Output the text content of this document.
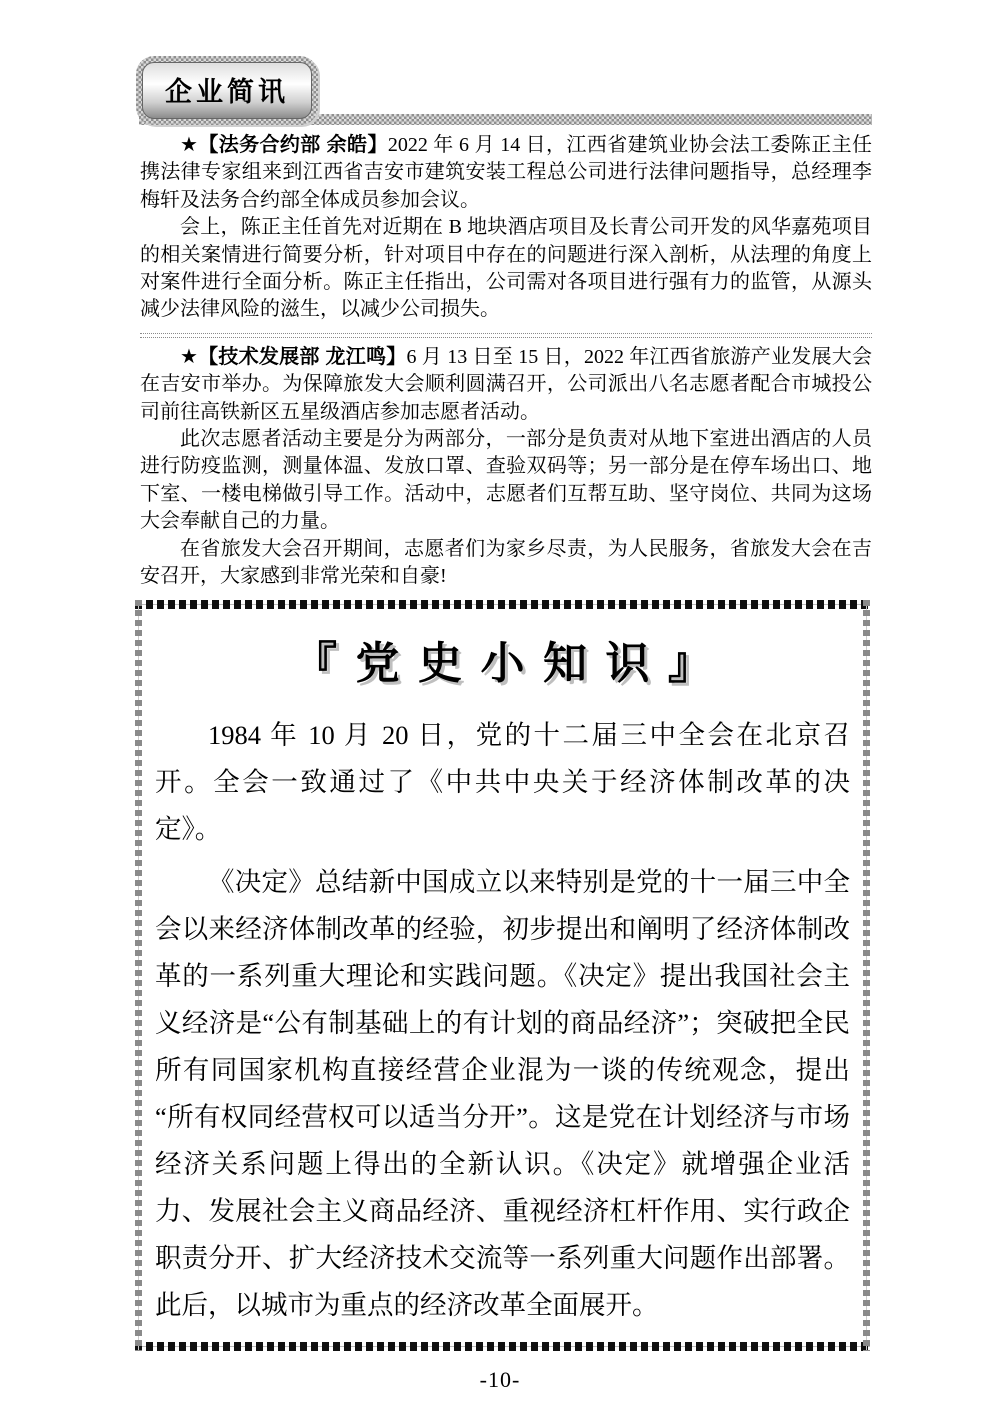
企业简讯

★【法务合约部 余皓】2022 年 6 月 14 日，江西省建筑业协会法工委陈正主任携法律专家组来到江西省吉安市建筑安装工程总公司进行法律问题指导，总经理李梅轩及法务合约部全体成员参加会议。

会上，陈正主任首先对近期在 B 地块酒店项目及长青公司开发的风华嘉苑项目的相关案情进行简要分析，针对项目中存在的问题进行深入剖析，从法理的角度上对案件进行全面分析。陈正主任指出，公司需对各项目进行强有力的监管，从源头减少法律风险的滋生，以减少公司损失。

★【技术发展部 龙江鸣】6 月 13 日至 15 日，2022 年江西省旅游产业发展大会在吉安市举办。为保障旅发大会顺利圆满召开，公司派出八名志愿者配合市城投公司前往高铁新区五星级酒店参加志愿者活动。

此次志愿者活动主要是分为两部分，一部分是负责对从地下室进出酒店的人员进行防疫监测，测量体温、发放口罩、查验双码等；另一部分是在停车场出口、地下室、一楼电梯做引导工作。活动中，志愿者们互帮互助、坚守岗位、共同为这场大会奉献自己的力量。

在省旅发大会召开期间，志愿者们为家乡尽责，为人民服务，省旅发大会在吉安召开，大家感到非常光荣和自豪!

『党史小知识』

1984 年 10 月 20 日，党的十二届三中全会在北京召开。全会一致通过了《中共中央关于经济体制改革的决定》。

《决定》总结新中国成立以来特别是党的十一届三中全会以来经济体制改革的经验，初步提出和阐明了经济体制改革的一系列重大理论和实践问题。《决定》提出我国社会主义经济是“公有制基础上的有计划的商品经济”；突破把全民所有同国家机构直接经营企业混为一谈的传统观念，提出“所有权同经营权可以适当分开”。这是党在计划经济与市场经济关系问题上得出的全新认识。《决定》就增强企业活力、发展社会主义商品经济、重视经济杠杆作用、实行政企职责分开、扩大经济技术交流等一系列重大问题作出部署。此后，以城市为重点的经济改革全面展开。

-10-
